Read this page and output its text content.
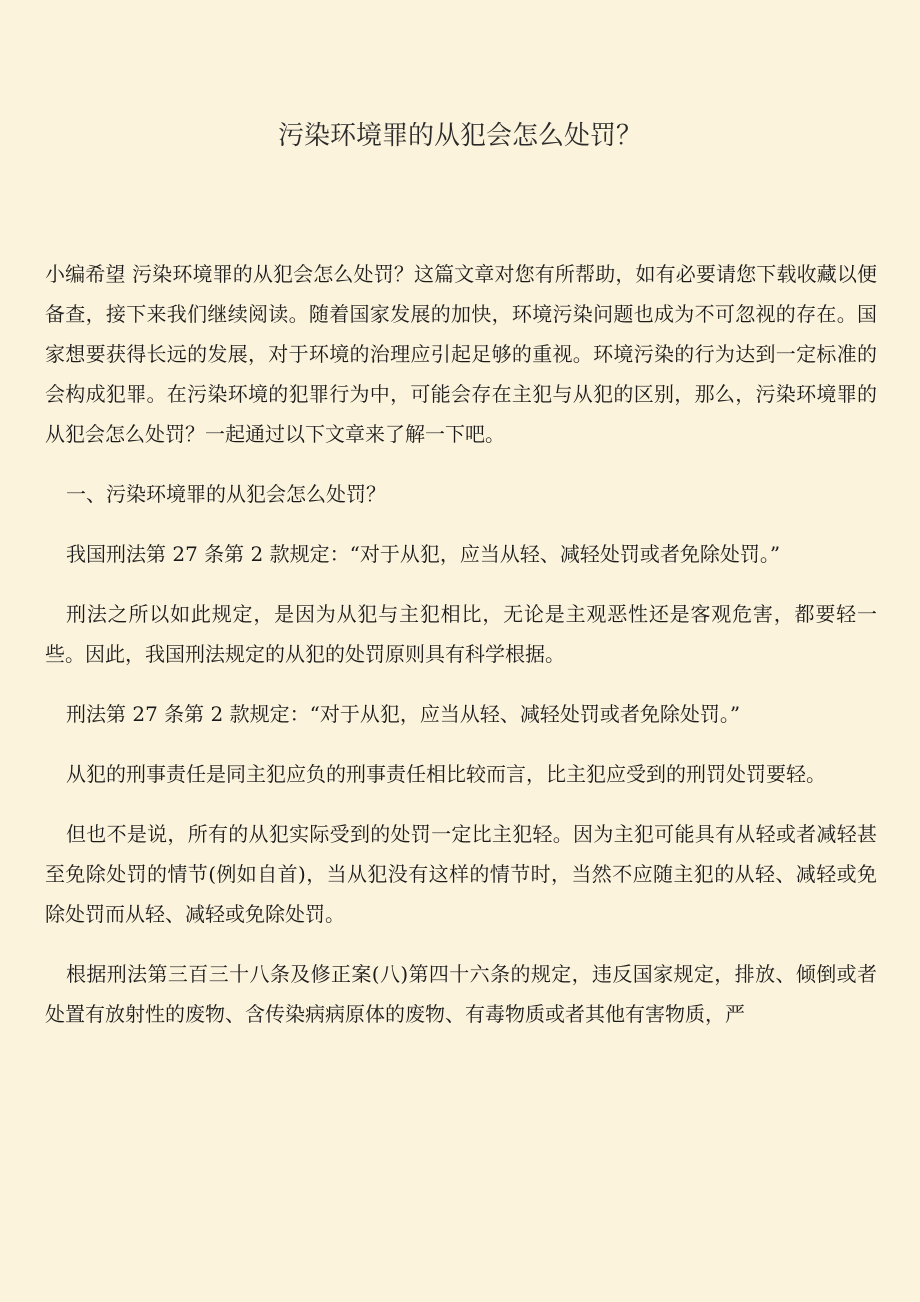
污染环境罪的从犯会怎么处罚？

小编希望 污染环境罪的从犯会怎么处罚？这篇文章对您有所帮助，如有必要请您下载收藏以便备查，接下来我们继续阅读。随着国家发展的加快，环境污染问题也成为不可忽视的存在。国家想要获得长远的发展，对于环境的治理应引起足够的重视。环境污染的行为达到一定标准的会构成犯罪。在污染环境的犯罪行为中，可能会存在主犯与从犯的区别，那么，污染环境罪的从犯会怎么处罚？一起通过以下文章来了解一下吧。

一、污染环境罪的从犯会怎么处罚？

我国刑法第 27 条第 2 款规定：“对于从犯，应当从轻、减轻处罚或者免除处罚。”

刑法之所以如此规定，是因为从犯与主犯相比，无论是主观恶性还是客观危害，都要轻一些。因此，我国刑法规定的从犯的处罚原则具有科学根据。

刑法第 27 条第 2 款规定：“对于从犯，应当从轻、减轻处罚或者免除处罚。”

从犯的刑事责任是同主犯应负的刑事责任相比较而言，比主犯应受到的刑罚处罚要轻。

但也不是说，所有的从犯实际受到的处罚一定比主犯轻。因为主犯可能具有从轻或者减轻甚至免除处罚的情节(例如自首)，当从犯没有这样的情节时，当然不应随主犯的从轻、减轻或免除处罚而从轻、减轻或免除处罚。

根据刑法第三百三十八条及修正案(八)第四十六条的规定，违反国家规定，排放、倾倒或者处置有放射性的废物、含传染病病原体的废物、有毒物质或者其他有害物质，严
